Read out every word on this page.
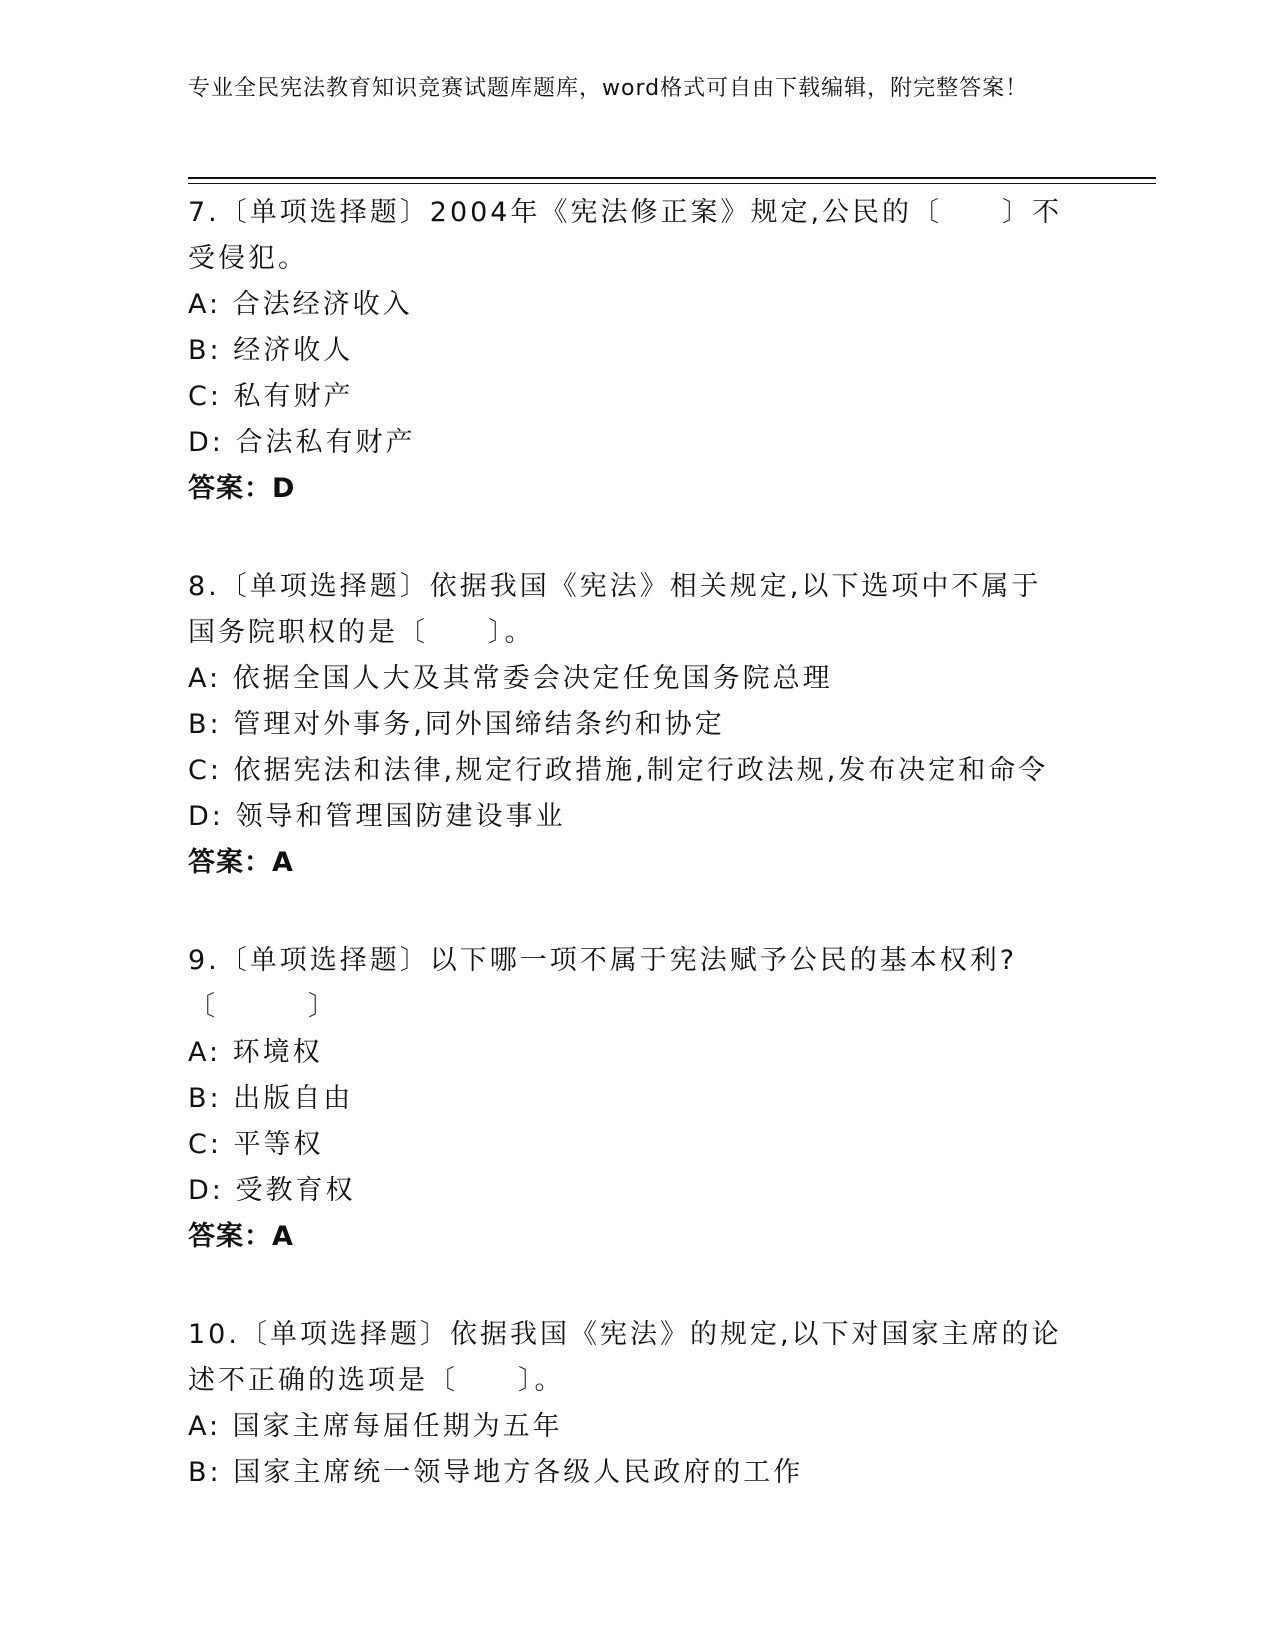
专业全民宪法教育知识竞赛试题库题库，word格式可自由下载编辑，附完整答案！
7.〔单项选择题〕2004年《宪法修正案》规定,公民的〔　　〕不受侵犯。
A: 合法经济收入
B: 经济收人
C: 私有财产
D: 合法私有财产
答案：D
8.〔单项选择题〕依据我国《宪法》相关规定,以下选项中不属于国务院职权的是〔　　〕。
A: 依据全国人大及其常委会决定任免国务院总理
B: 管理对外事务,同外国缔结条约和协定
C: 依据宪法和法律,规定行政措施,制定行政法规,发布决定和命令
D: 领导和管理国防建设事业
答案：A
9.〔单项选择题〕以下哪一项不属于宪法赋予公民的基本权利?〔　　　〕
A: 环境权
B: 出版自由
C: 平等权
D: 受教育权
答案：A
10.〔单项选择题〕依据我国《宪法》的规定,以下对国家主席的论述不正确的选项是〔　　〕。
A: 国家主席每届任期为五年
B: 国家主席统一领导地方各级人民政府的工作
